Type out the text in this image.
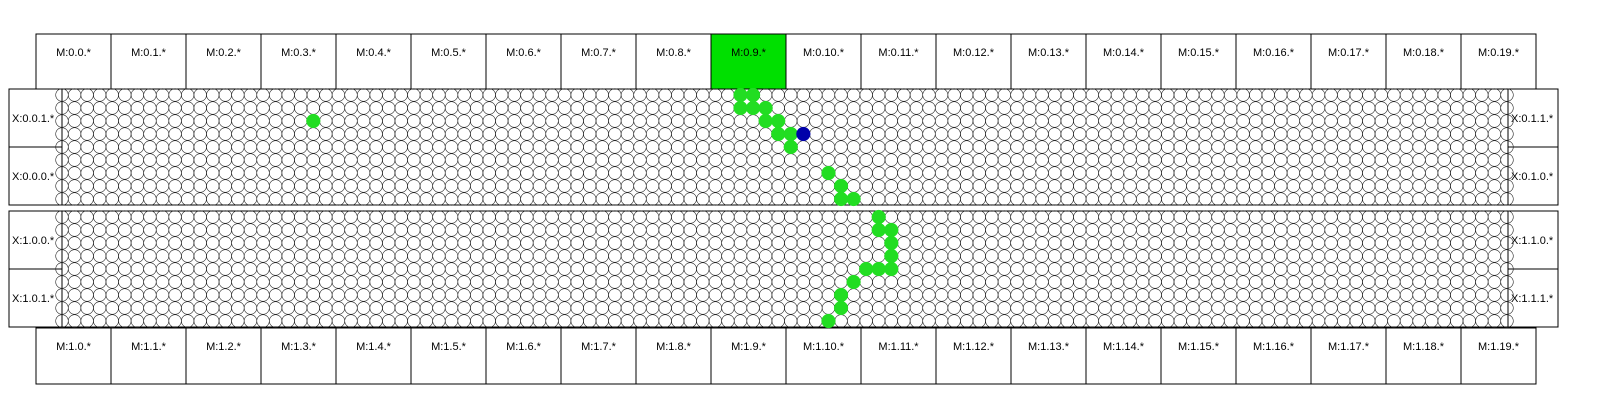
M:0.0.*	M:0.1.*	M:0.2.*	M:0.3.*	M:0.4.*	M:0.5.*	M:0.6.*	M:0.7.*	M:0.8.*	M:0.9.*	M:0.10.*	M:0.11.*	M:0.12.*	M:0.13.*	M:0.14.*	M:0.15.*	M:0.16.*	M:0.17.*	M:0.18.*	M:0.19.*
M:1.0.*	M:1.1.*	M:1.2.*	M:1.3.*	M:1.4.*	M:1.5.*	M:1.6.*	M:1.7.*	M:1.8.*	M:1.9.*	M:1.10.*	M:1.11.*	M:1.12.*	M:1.13.*	M:1.14.*	M:1.15.*	M:1.16.*	M:1.17.*	M:1.18.*	M:1.19.*
X:0.0.1.*	X:0.1.1.*
X:0.0.0.*	X:0.1.0.*
X:1.0.0.*	X:1.1.0.*
X:1.0.1.*	X:1.1.1.*
